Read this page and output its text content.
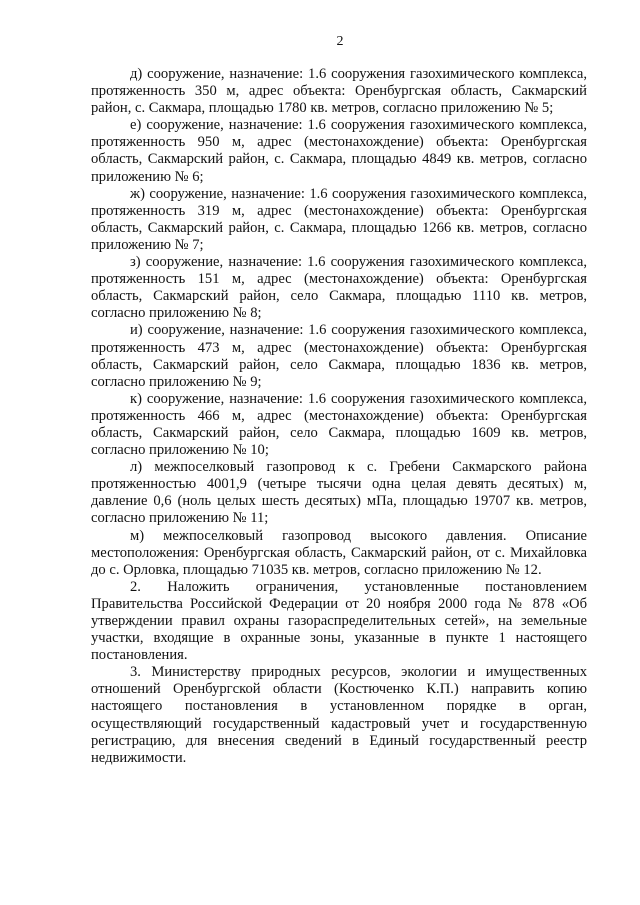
2

д) сооружение, назначение: 1.6 сооружения газохимического комплекса, протяженность 350 м, адрес объекта: Оренбургская область, Сакмарский район, с. Сакмара, площадью 1780 кв. метров, согласно приложению № 5;

е) сооружение, назначение: 1.6 сооружения газохимического комплекса, протяженность 950 м, адрес (местонахождение) объекта: Оренбургская область, Сакмарский район, с. Сакмара, площадью 4849 кв. метров, согласно приложению № 6;

ж) сооружение, назначение: 1.6 сооружения газохимического комплекса, протяженность 319 м, адрес (местонахождение) объекта: Оренбургская область, Сакмарский район, с. Сакмара, площадью 1266 кв. метров, согласно приложению № 7;

з) сооружение, назначение: 1.6 сооружения газохимического комплекса, протяженность 151 м, адрес (местонахождение) объекта: Оренбургская область, Сакмарский район, село Сакмара, площадью 1110 кв. метров, согласно приложению № 8;

и) сооружение, назначение: 1.6 сооружения газохимического комплекса, протяженность 473 м, адрес (местонахождение) объекта: Оренбургская область, Сакмарский район, село Сакмара, площадью 1836 кв. метров, согласно приложению № 9;

к) сооружение, назначение: 1.6 сооружения газохимического комплекса, протяженность 466 м, адрес (местонахождение) объекта: Оренбургская область, Сакмарский район, село Сакмара, площадью 1609 кв. метров, согласно приложению № 10;

л) межпоселковый газопровод к с. Гребени Сакмарского района протяженностью 4001,9 (четыре тысячи одна целая девять десятых) м, давление 0,6 (ноль целых шесть десятых) мПа, площадью 19707 кв. метров, согласно приложению № 11;

м) межпоселковый газопровод высокого давления. Описание местоположения: Оренбургская область, Сакмарский район, от с. Михайловка до с. Орловка, площадью 71035 кв. метров, согласно приложению № 12.

2. Наложить ограничения, установленные постановлением Правительства Российской Федерации от 20 ноября 2000 года № 878 «Об утверждении правил охраны газораспределительных сетей», на земельные участки, входящие в охранные зоны, указанные в пункте 1 настоящего постановления.

3. Министерству природных ресурсов, экологии и имущественных отношений Оренбургской области (Костюченко К.П.) направить копию настоящего постановления в установленном порядке в орган, осуществляющий государственный кадастровый учет и государственную регистрацию, для внесения сведений в Единый государственный реестр недвижимости.
